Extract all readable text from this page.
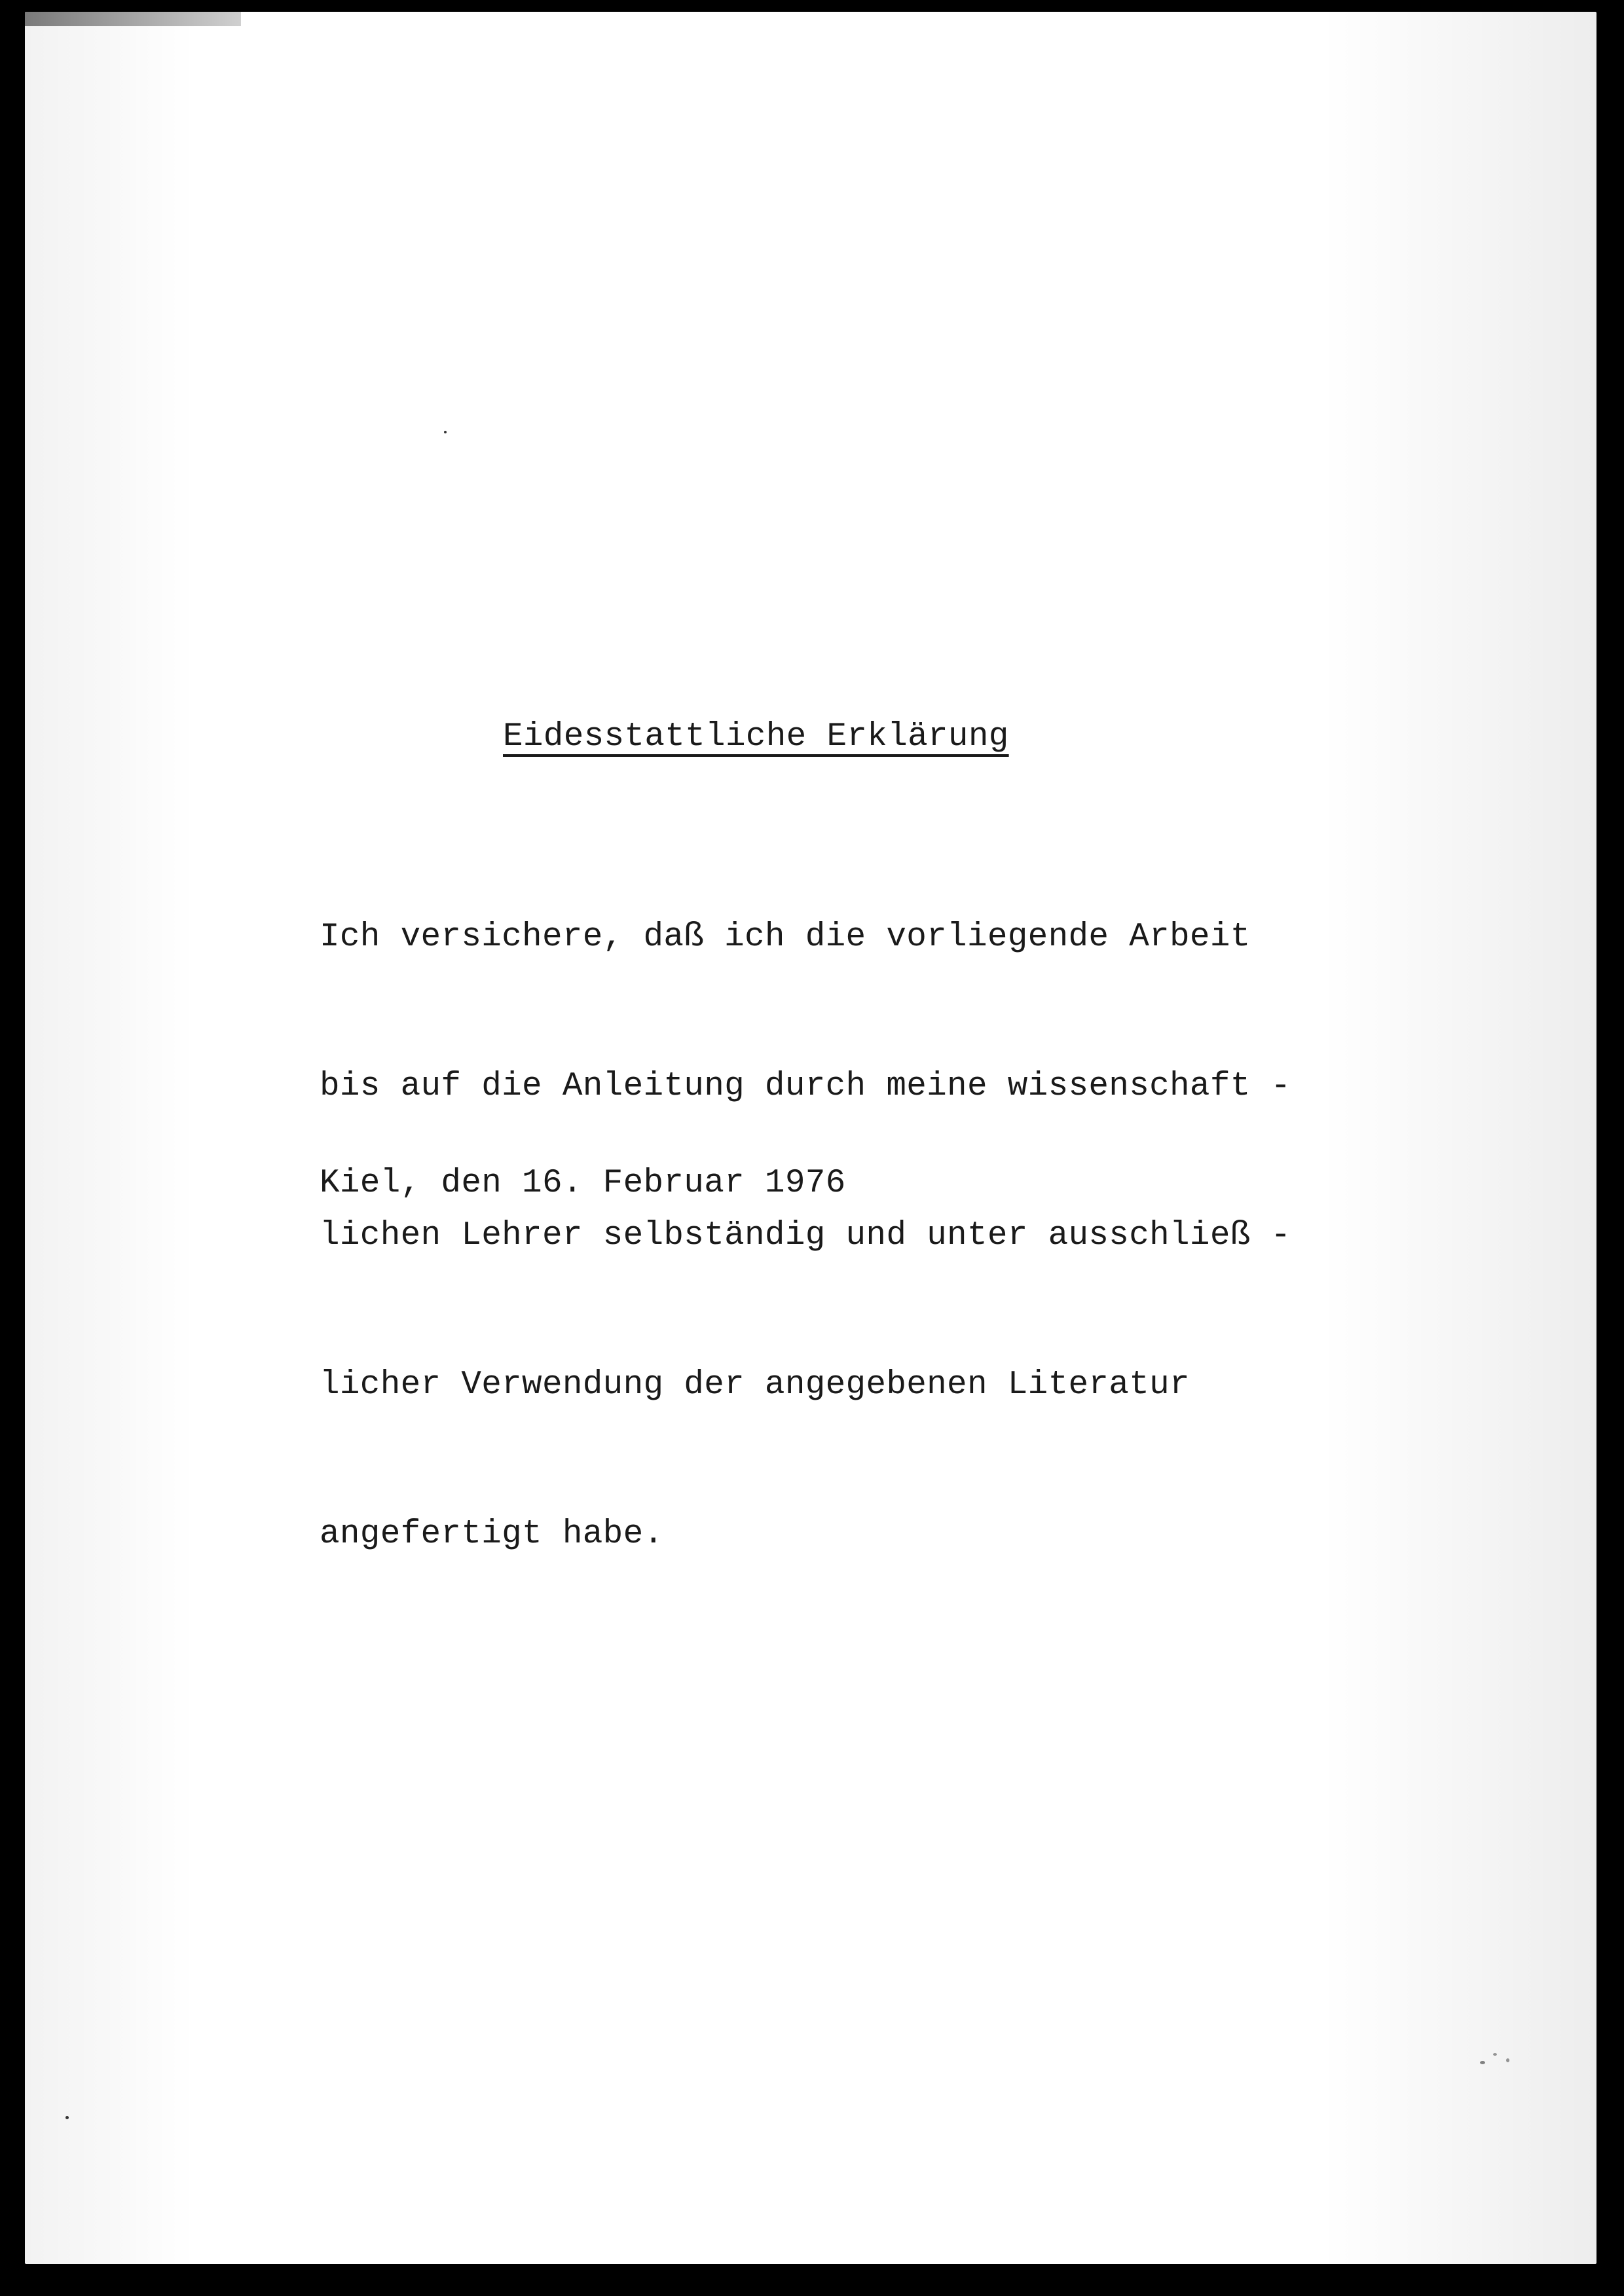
Eidesstattliche Erklärung

Ich versichere, daß ich die vorliegende Arbeit

bis auf die Anleitung durch meine wissenschaft -

lichen Lehrer selbständig und unter ausschließ -

licher Verwendung der angegebenen Literatur

angefertigt habe.

Kiel, den 16. Februar 1976
